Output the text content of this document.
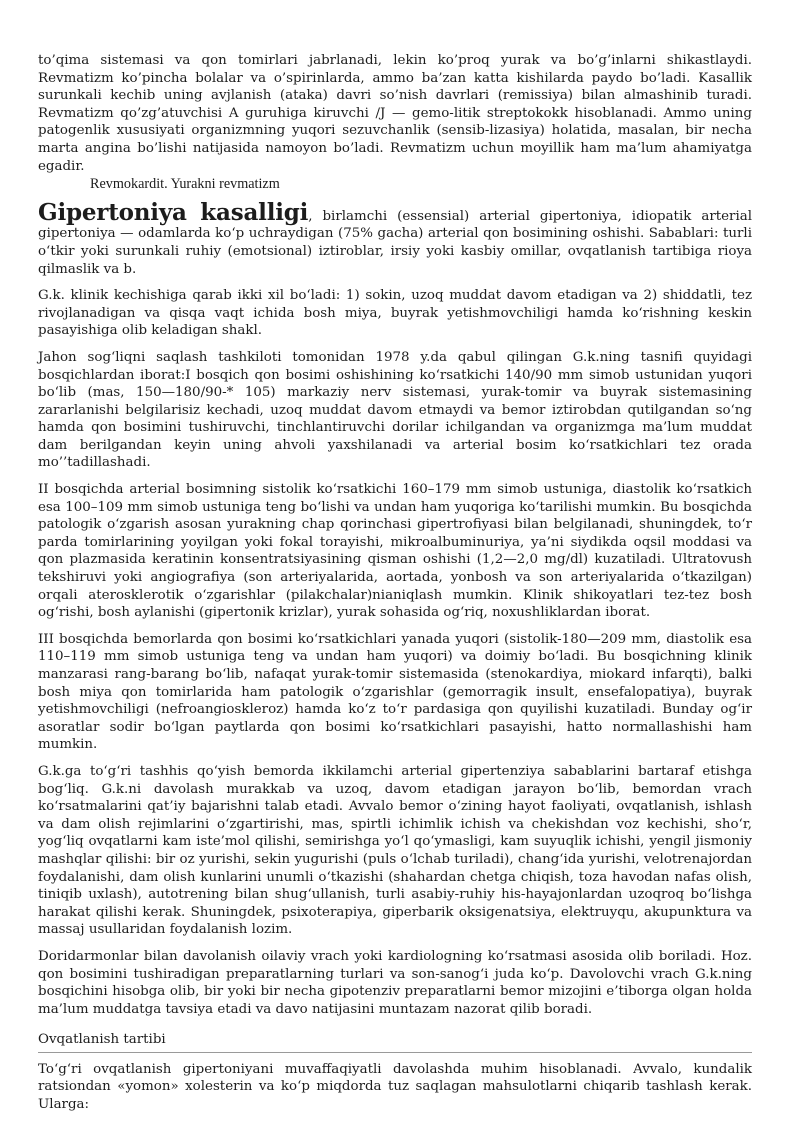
to’qima sistemasi va qon tomirlari jabrlanadi, lekin ko’proq yurak va bo’g’inlarni shikastlaydi. Revmatizm ko’pincha bolalar va o’spirinlarda, ammo ba’zan katta kishilarda paydo bo’ladi. Kasallik surunkali kechib uning avjlanish (ataka) davri so’nish davrlari (remissiya) bilan almashinib turadi. Revmatizm qo’zg’atuvchisi A guruhiga kiruvchi /J — gemo-litik streptokokk hisoblanadi. Ammo uning patogenlik xususiyati organizmning yuqori sezuvchanlik (sensib-lizasiya) holatida, masalan, bir necha marta angina bo’lishi natijasida namoyon bo’ladi. Revmatizm uchun moyillik ham ma’lum ahamiyatga egadir.

Revmokardit. Yurakni revmatizm

Gipertoniya kasalligi, birlamchi (essensial) arterial gipertoniya, idiopatik arterial gipertoniya — odamlarda ko‘p uchraydigan (75% gacha) arterial qon bosimining oshishi. Sabablari: turli o‘tkir yoki surunkali ruhiy (emotsional) iztiroblar, irsiy yoki kasbiy omillar, ovqatlanish tartibiga rioya qilmaslik va b.

G.k. klinik kechishiga qarab ikki xil bo‘ladi: 1) sokin, uzoq muddat davom etadigan va 2) shiddatli, tez rivojlanadigan va qisqa vaqt ichida bosh miya, buyrak yetishmovchiligi hamda ko‘rishning keskin pasayishiga olib keladigan shakl.

Jahon sog‘liqni saqlash tashkiloti tomonidan 1978 y.da qabul qilingan G.k.ning tasnifi quyidagi bosqichlardan iborat:I bosqich qon bosimi oshishining ko‘rsatkichi 140/90 mm simob ustunidan yuqori bo‘lib (mas, 150—180/90-* 105) markaziy nerv sistemasi, yurak-tomir va buyrak sistemasining zararlanishi belgilarisiz kechadi, uzoq muddat davom etmaydi va bemor iztirobdan qutilgandan so‘ng hamda qon bosimini tushiruvchi, tinchlantiruvchi dorilar ichilgandan va organizmga ma’lum muddat dam berilgandan keyin uning ahvoli yaxshilanadi va arterial bosim ko‘rsatkichlari tez orada mo’’tadillashadi.

II bosqichda arterial bosimning sistolik ko‘rsatkichi 160–179 mm simob ustuniga, diastolik ko‘rsatkich esa 100–109 mm simob ustuniga teng bo‘lishi va undan ham yuqoriga ko‘tarilishi mumkin. Bu bosqichda patologik o‘zgarish asosan yurakning chap qorinchasi gipertrofiyasi bilan belgilanadi, shuningdek, to‘r parda tomirlarining yoyilgan yoki fokal torayishi, mikroalbuminuriya, ya’ni siydikda oqsil moddasi va qon plazmasida keratinin konsentratsiyasining qisman oshishi (1,2—2,0 mg/dl) kuzatiladi. Ultratovush tekshiruvi yoki angiografiya (son arteriyalarida, aortada, yonbosh va son arteriyalarida o‘tkazilgan) orqali aterosklerotik o‘zgarishlar (pilakchalar)nianiqlash mumkin. Klinik shikoyatlari tez-tez bosh og‘rishi, bosh aylanishi (gipertonik krizlar), yurak sohasida og‘riq, noxushliklardan iborat.

III bosqichda bemorlarda qon bosimi ko‘rsatkichlari yanada yuqori (sistolik-180—209 mm, diastolik esa 110–119 mm simob ustuniga teng va undan ham yuqori) va doimiy bo‘ladi. Bu bosqichning klinik manzarasi rang-barang bo‘lib, nafaqat yurak-tomir sistemasida (stenokardiya, miokard infarqti), balki bosh miya qon tomirlarida ham patologik o‘zgarishlar (gemorragik insult, ensefalopatiya), buyrak yetishmovchiligi (nefroangioskleroz) hamda ko‘z to‘r pardasiga qon quyilishi kuzatiladi. Bunday og‘ir asoratlar sodir bo‘lgan paytlarda qon bosimi ko‘rsatkichlari pasayishi, hatto normallashishi ham mumkin.

G.k.ga to‘g‘ri tashhis qo‘yish bemorda ikkilamchi arterial gipertenziya sabablarini bartaraf etishga bog‘liq. G.k.ni davolash murakkab va uzoq, davom etadigan jarayon bo‘lib, bemordan vrach ko‘rsatmalarini qat’iy bajarishni talab etadi. Avvalo bemor o‘zining hayot faoliyati, ovqatlanish, ishlash va dam olish rejimlarini o‘zgartirishi, mas, spirtli ichimlik ichish va chekishdan voz kechishi, sho‘r, yog‘liq ovqatlarni kam iste’mol qilishi, semirishga yo‘l qo‘ymasligi, kam suyuqlik ichishi, yengil jismoniy mashqlar qilishi: bir oz yurishi, sekin yugurishi (puls o‘lchab turiladi), chang‘ida yurishi, velotrenajordan foydalanishi, dam olish kunlarini unumli o‘tkazishi (shahardan chetga chiqish, toza havodan nafas olish, tiniqib uxlash), autotrening bilan shug‘ullanish, turli asabiy-ruhiy his-hayajonlardan uzoqroq bo‘lishga harakat qilishi kerak. Shuningdek, psixoterapiya, giperbarik oksigenatsiya, elektruyqu, akupunktura va massaj usullaridan foydalanish lozim.

Doridarmonlar bilan davolanish oilaviy vrach yoki kardiologning ko‘rsatmasi asosida olib boriladi. Hoz. qon bosimini tushiradigan preparatlarning turlari va son-sanog‘i juda ko‘p. Davolovchi vrach G.k.ning bosqichini hisobga olib, bir yoki bir necha gipotenziv preparatlarni bemor mizojini e’tiborga olgan holda ma’lum muddatga tavsiya etadi va davo natijasini muntazam nazorat qilib boradi.

Ovqatlanish tartibi

To‘g‘ri ovqatlanish gipertoniyani muvaffaqiyatli davolashda muhim hisoblanadi. Avvalo, kundalik ratsiondan «yomon» xolesterin va ko‘p miqdorda tuz saqlagan mahsulotlarni chiqarib tashlash kerak. Ularga:
